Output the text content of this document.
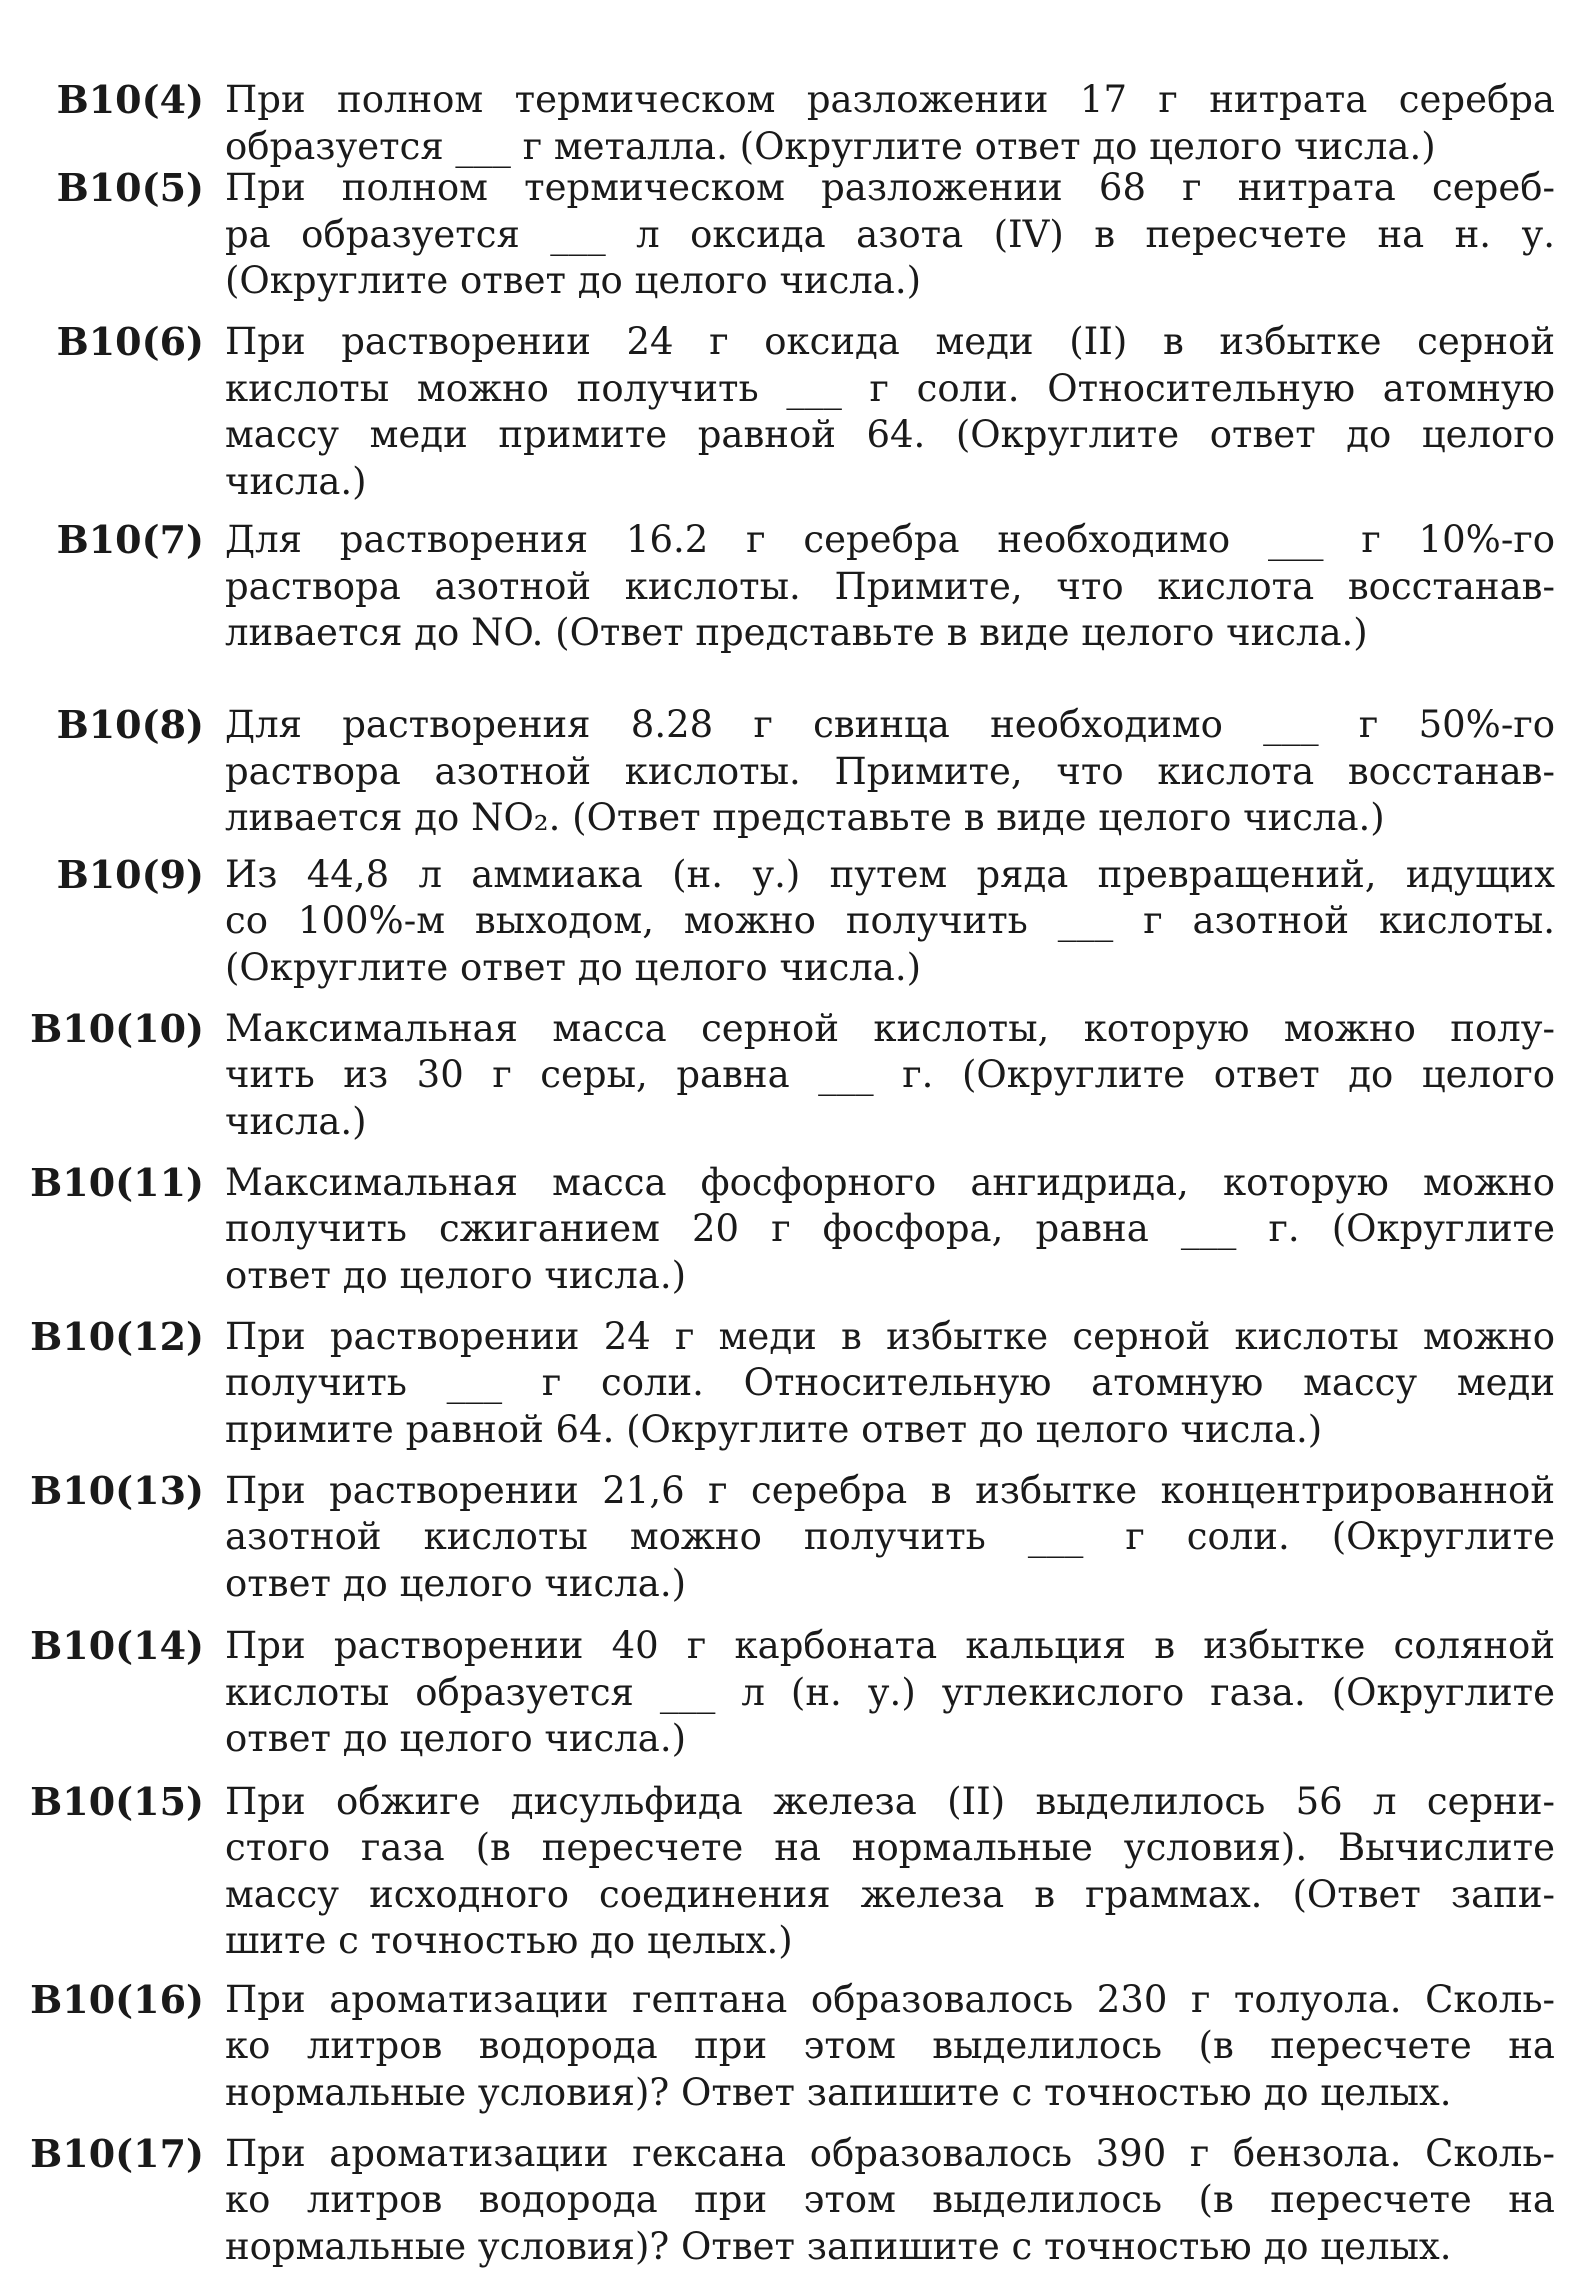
B10(4) При полном термическом разложении 17 г нитрата серебра
образуется ___ г металла. (Округлите ответ до целого числа.)
B10(5) При полном термическом разложении 68 г нитрата сереб-
ра образуется ___ л оксида азота (IV) в пересчете на н. у.
(Округлите ответ до целого числа.)
B10(6) При растворении 24 г оксида меди (II) в избытке серной
кислоты можно получить ___ г соли. Относительную атомную
массу меди примите равной 64. (Округлите ответ до целого
числа.)
B10(7) Для растворения 16.2 г серебра необходимо ___ г 10%-го
раствора азотной кислоты. Примите, что кислота восстанав-
ливается до NO. (Ответ представьте в виде целого числа.)
B10(8) Для растворения 8.28 г свинца необходимо ___ г 50%-го
раствора азотной кислоты. Примите, что кислота восстанав-
ливается до NO₂. (Ответ представьте в виде целого числа.)
B10(9) Из 44,8 л аммиака (н. у.) путем ряда превращений, идущих
со 100%-м выходом, можно получить ___ г азотной кислоты.
(Округлите ответ до целого числа.)
B10(10) Максимальная масса серной кислоты, которую можно полу-
чить из 30 г серы, равна ___ г. (Округлите ответ до целого
числа.)
B10(11) Максимальная масса фосфорного ангидрида, которую можно
получить сжиганием 20 г фосфора, равна ___ г. (Округлите
ответ до целого числа.)
B10(12) При растворении 24 г меди в избытке серной кислоты можно
получить ___ г соли. Относительную атомную массу меди
примите равной 64. (Округлите ответ до целого числа.)
B10(13) При растворении 21,6 г серебра в избытке концентрированной
азотной кислоты можно получить ___ г соли. (Округлите
ответ до целого числа.)
B10(14) При растворении 40 г карбоната кальция в избытке соляной
кислоты образуется ___ л (н. у.) углекислого газа. (Округлите
ответ до целого числа.)
B10(15) При обжиге дисульфида железа (II) выделилось 56 л серни-
стого газа (в пересчете на нормальные условия). Вычислите
массу исходного соединения железа в граммах. (Ответ запи-
шите с точностью до целых.)
B10(16) При ароматизации гептана образовалось 230 г толуола. Сколь-
ко литров водорода при этом выделилось (в пересчете на
нормальные условия)? Ответ запишите с точностью до целых.
B10(17) При ароматизации гексана образовалось 390 г бензола. Сколь-
ко литров водорода при этом выделилось (в пересчете на
нормальные условия)? Ответ запишите с точностью до целых.
